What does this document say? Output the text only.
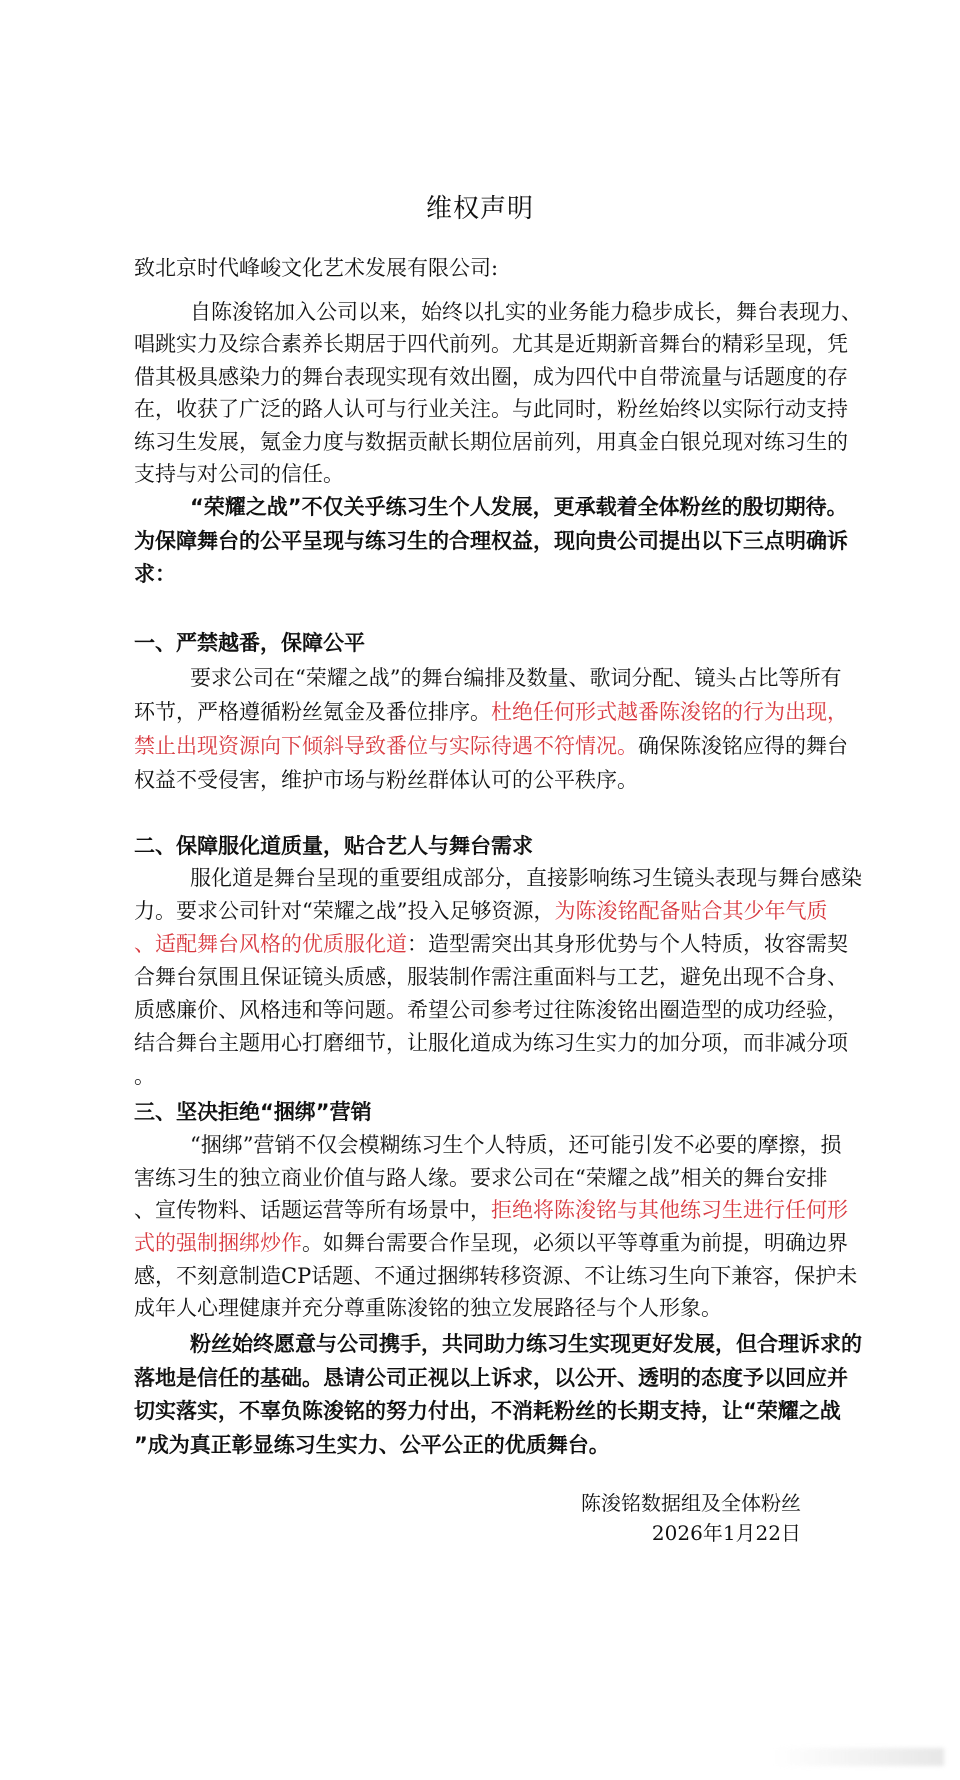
维权声明
致北京时代峰峻文化艺术发展有限公司:
自陈浚铭加入公司以来，始终以扎实的业务能力稳步成长，舞台表现力、
唱跳实力及综合素养长期居于四代前列。尤其是近期新音舞台的精彩呈现，凭
借其极具感染力的舞台表现实现有效出圈，成为四代中自带流量与话题度的存
在，收获了广泛的路人认可与行业关注。与此同时，粉丝始终以实际行动支持
练习生发展，氪金力度与数据贡献长期位居前列，用真金白银兑现对练习生的
支持与对公司的信任。
“荣耀之战”不仅关乎练习生个人发展，更承载着全体粉丝的殷切期待。
为保障舞台的公平呈现与练习生的合理权益，现向贵公司提出以下三点明确诉
求：
一、严禁越番，保障公平
要求公司在“荣耀之战”的舞台编排及数量、歌词分配、镜头占比等所有
环节，严格遵循粉丝氪金及番位排序。杜绝任何形式越番陈浚铭的行为出现，
禁止出现资源向下倾斜导致番位与实际待遇不符情况。确保陈浚铭应得的舞台
权益不受侵害，维护市场与粉丝群体认可的公平秩序。
二、保障服化道质量，贴合艺人与舞台需求
服化道是舞台呈现的重要组成部分，直接影响练习生镜头表现与舞台感染
力。要求公司针对“荣耀之战”投入足够资源，为陈浚铭配备贴合其少年气质
、适配舞台风格的优质服化道：造型需突出其身形优势与个人特质，妆容需契
合舞台氛围且保证镜头质感，服装制作需注重面料与工艺，避免出现不合身、
质感廉价、风格违和等问题。希望公司参考过往陈浚铭出圈造型的成功经验，
结合舞台主题用心打磨细节，让服化道成为练习生实力的加分项，而非减分项
。
三、坚决拒绝“捆绑”营销
“捆绑”营销不仅会模糊练习生个人特质，还可能引发不必要的摩擦，损
害练习生的独立商业价值与路人缘。要求公司在“荣耀之战”相关的舞台安排
、宣传物料、话题运营等所有场景中，拒绝将陈浚铭与其他练习生进行任何形
式的强制捆绑炒作。如舞台需要合作呈现，必须以平等尊重为前提，明确边界
感，不刻意制造CP话题、不通过捆绑转移资源、不让练习生向下兼容，保护未
成年人心理健康并充分尊重陈浚铭的独立发展路径与个人形象。
粉丝始终愿意与公司携手，共同助力练习生实现更好发展，但合理诉求的
落地是信任的基础。恳请公司正视以上诉求，以公开、透明的态度予以回应并
切实落实，不辜负陈浚铭的努力付出，不消耗粉丝的长期支持，让“荣耀之战
”成为真正彰显练习生实力、公平公正的优质舞台。
陈浚铭数据组及全体粉丝
2026年1月22日
